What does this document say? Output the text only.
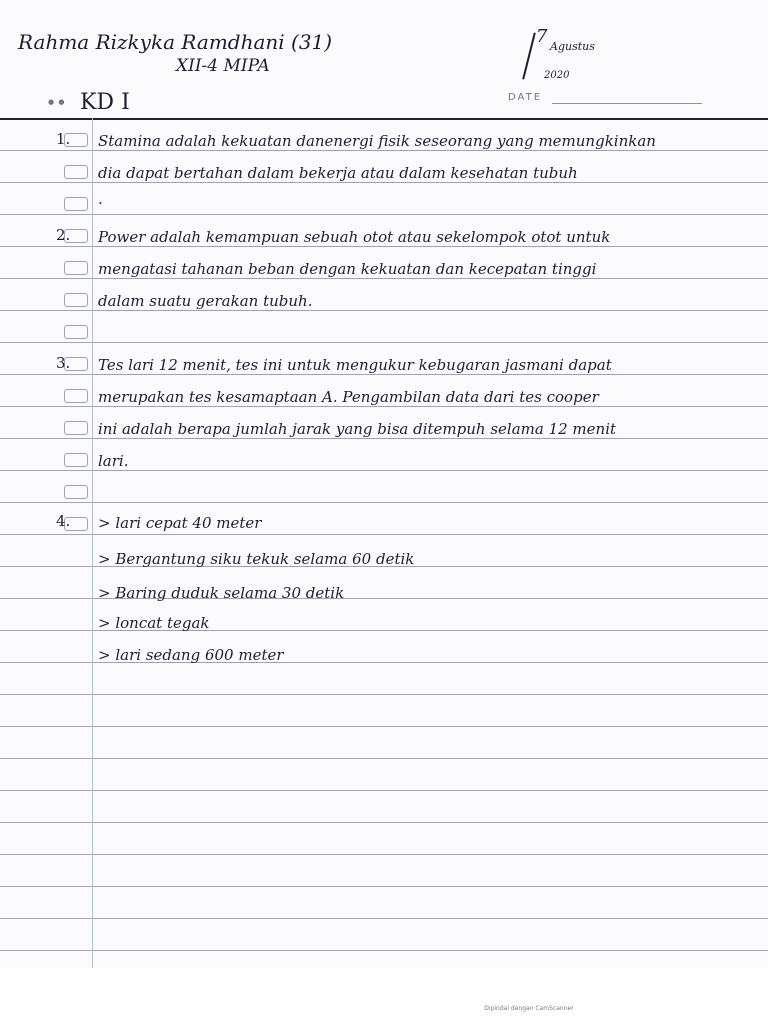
Rahma Rizkyka Ramdhani (31)
XII-4 MIPA
7 Agustus
2020
DATE
● ● KD I
1. Stamina adalah kekuatan danenergi fisik seseorang yang memungkinkan
dia dapat bertahan dalam bekerja atau dalam kesehatan tubuh
.
2. Power adalah kemampuan sebuah otot atau sekelompok otot untuk
mengatasi tahanan beban dengan kekuatan dan kecepatan tinggi
dalam suatu gerakan tubuh.
3. Tes lari 12 menit, tes ini untuk mengukur kebugaran jasmani dapat
merupakan tes kesamaptaan A. Pengambilan data dari tes cooper
ini adalah berapa jumlah jarak yang bisa ditempuh selama 12 menit
lari.
4. > lari cepat 40 meter
> Bergantung siku tekuk selama 60 detik
> Baring duduk selama 30 detik
> loncat tegak
> lari sedang 600 meter
Dipindai dengan CamScanner
